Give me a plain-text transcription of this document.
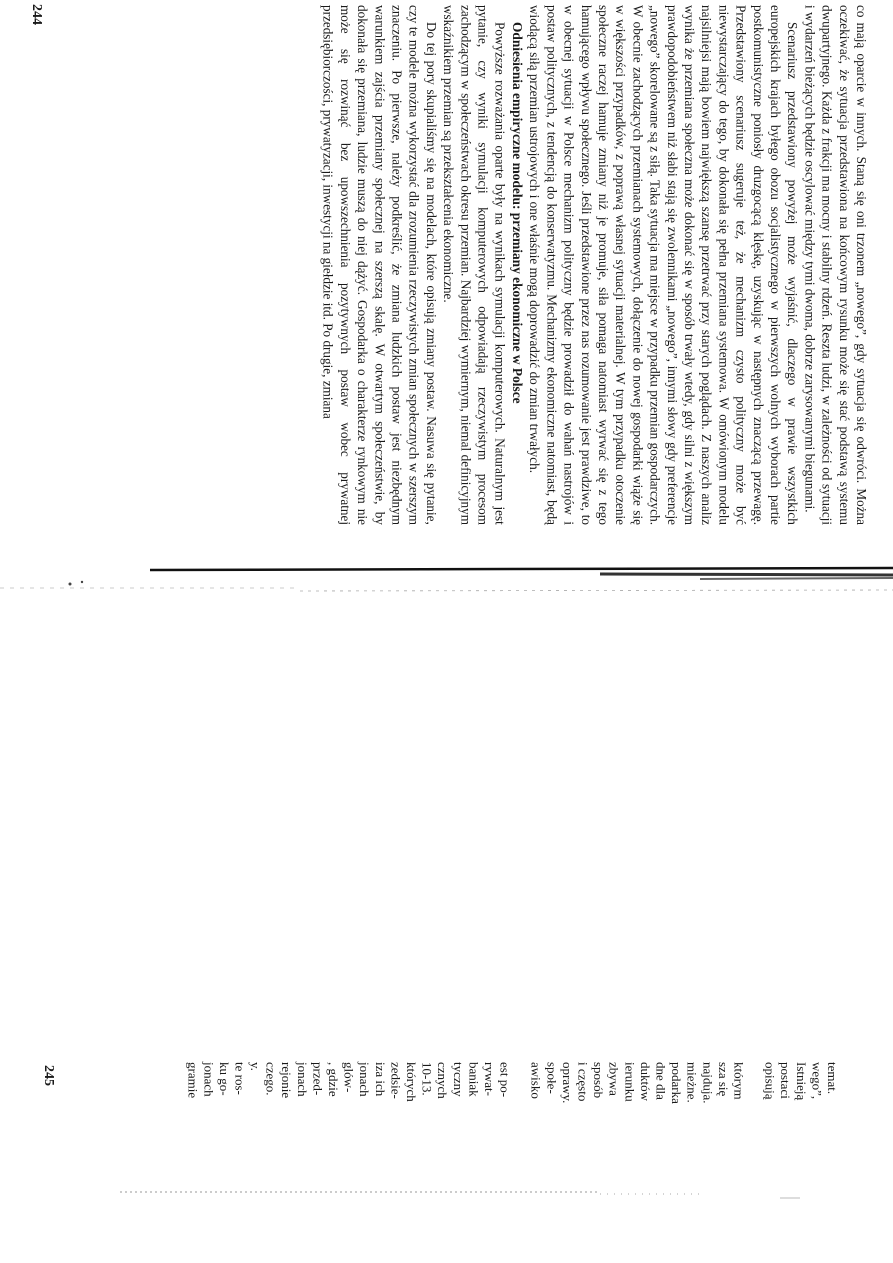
244	co mają oparcie w innych. Staną się oni trzonem „nowego”, gdy sytuacja się odwróci. Można oczekiwać, że sytuacja przedstawiona na końcowym rysunku może się stać podstawą systemu dwupartyjnego. Każda z frakcji ma mocny i stabilny rdzeń. Reszta ludzi, w zależności od sytuacji i wydarzeń bieżących będzie oscylować między tymi dwoma, dobrze zarysowanymi biegunami.

Scenariusz przedstawiony powyżej może wyjaśnić, dlaczego w prawie wszystkich europejskich krajach byłego obozu socjalistycznego w pierwszych wolnych wyborach partie postkomunistyczne poniosły druzgocącą klęskę, uzyskując w następnych znaczącą przewagę. Przedstawiony scenariusz sugeruje też, że mechanizm czysto polityczny może być niewystarczający do tego, by dokonała się pełna przemiana systemowa. W omówionym modelu najsilniejsi mają bowiem największą szansę przetrwać przy starych poglądach. Z naszych analiz wynika że przemiana społeczna może dokonać się w sposób trwały wtedy, gdy silni z większym prawdopodobieństwem niż słabi stają się zwolennikami „nowego”, innymi słowy gdy preferencje „nowego” skorelowane są z siłą. Taka sytuacja ma miejsce w przypadku przemian gospodarczych. W obecnie zachodzących przemianach systemowych, dołączenie do nowej gospodarki wiąże się w większości przypadków, z poprawą własnej sytuacji materialnej. W tym przypadku otoczenie społeczne raczej hamuje zmiany niż je promuje, siła pomaga natomiast wyrwać się z tego hamującego wpływu społecznego. Jeśli przedstawione przez nas rozumowanie jest prawdziwe, to w obecnej sytuacji w Polsce mechanizm polityczny będzie prowadził do wahań nastrojów i postaw politycznych, z tendencją do konserwatyzmu. Mechanizmy ekonomiczne natomiast, będą wiodącą siłą przemian ustrojowych i one właśnie mogą doprowadzić do zmian trwałych.

Odniesienia empiryczne modelu: przemiany ekonomiczne w Polsce

Powyższe rozważania oparte były na wynikach symulacji komputerowych. Naturalnym jest pytanie, czy wyniki symulacji komputerowych odpowiadają rzeczywistym procesom zachodzącym w społeczeństwach okresu przemian. Najbardziej wymiernym, niemal definicyjnym wskaźnikiem przemian są przekształcenia ekonomiczne.

Do tej pory skupialiśmy się na modelach, które opisują zmiany postaw. Nasuwa się pytanie, czy te modele można wykorzystać dla zrozumienia rzeczywistych zmian społecznych w szerszym znaczeniu. Po pierwsze, należy podkreślić, że zmiana ludzkich postaw jest niezbędnym warunkiem zajścia przemiany społecznej na szerszą skalę. W otwartym społeczeństwie, by dokonała się przemiana, ludzie muszą do niej dążyć. Gospodarka o charakterze rynkowym nie może się rozwinąć bez upowszechnienia pozytywnych postaw wobec prywatnej przedsiębiorczości, prywatyzacji, inwestycji na giełdzie itd. Po drugie, zmiana

temat.
wego”,
Istnieją
postaci
opisują

którym
sza się
najduja.
mieżne.
podarka
dne dla
duktów
ierunku
zbywa
sposób
i często
oprawy.
społe-
awisko

est po-
rywat-
baniak
tyczny
cznych
10-13.
których
zedsie-
iza ich
jonach
glów-
, gdzie
przed-
jonach
rejonie
czego.
y.
te ros-
ku go-
jonach
gramie
245
